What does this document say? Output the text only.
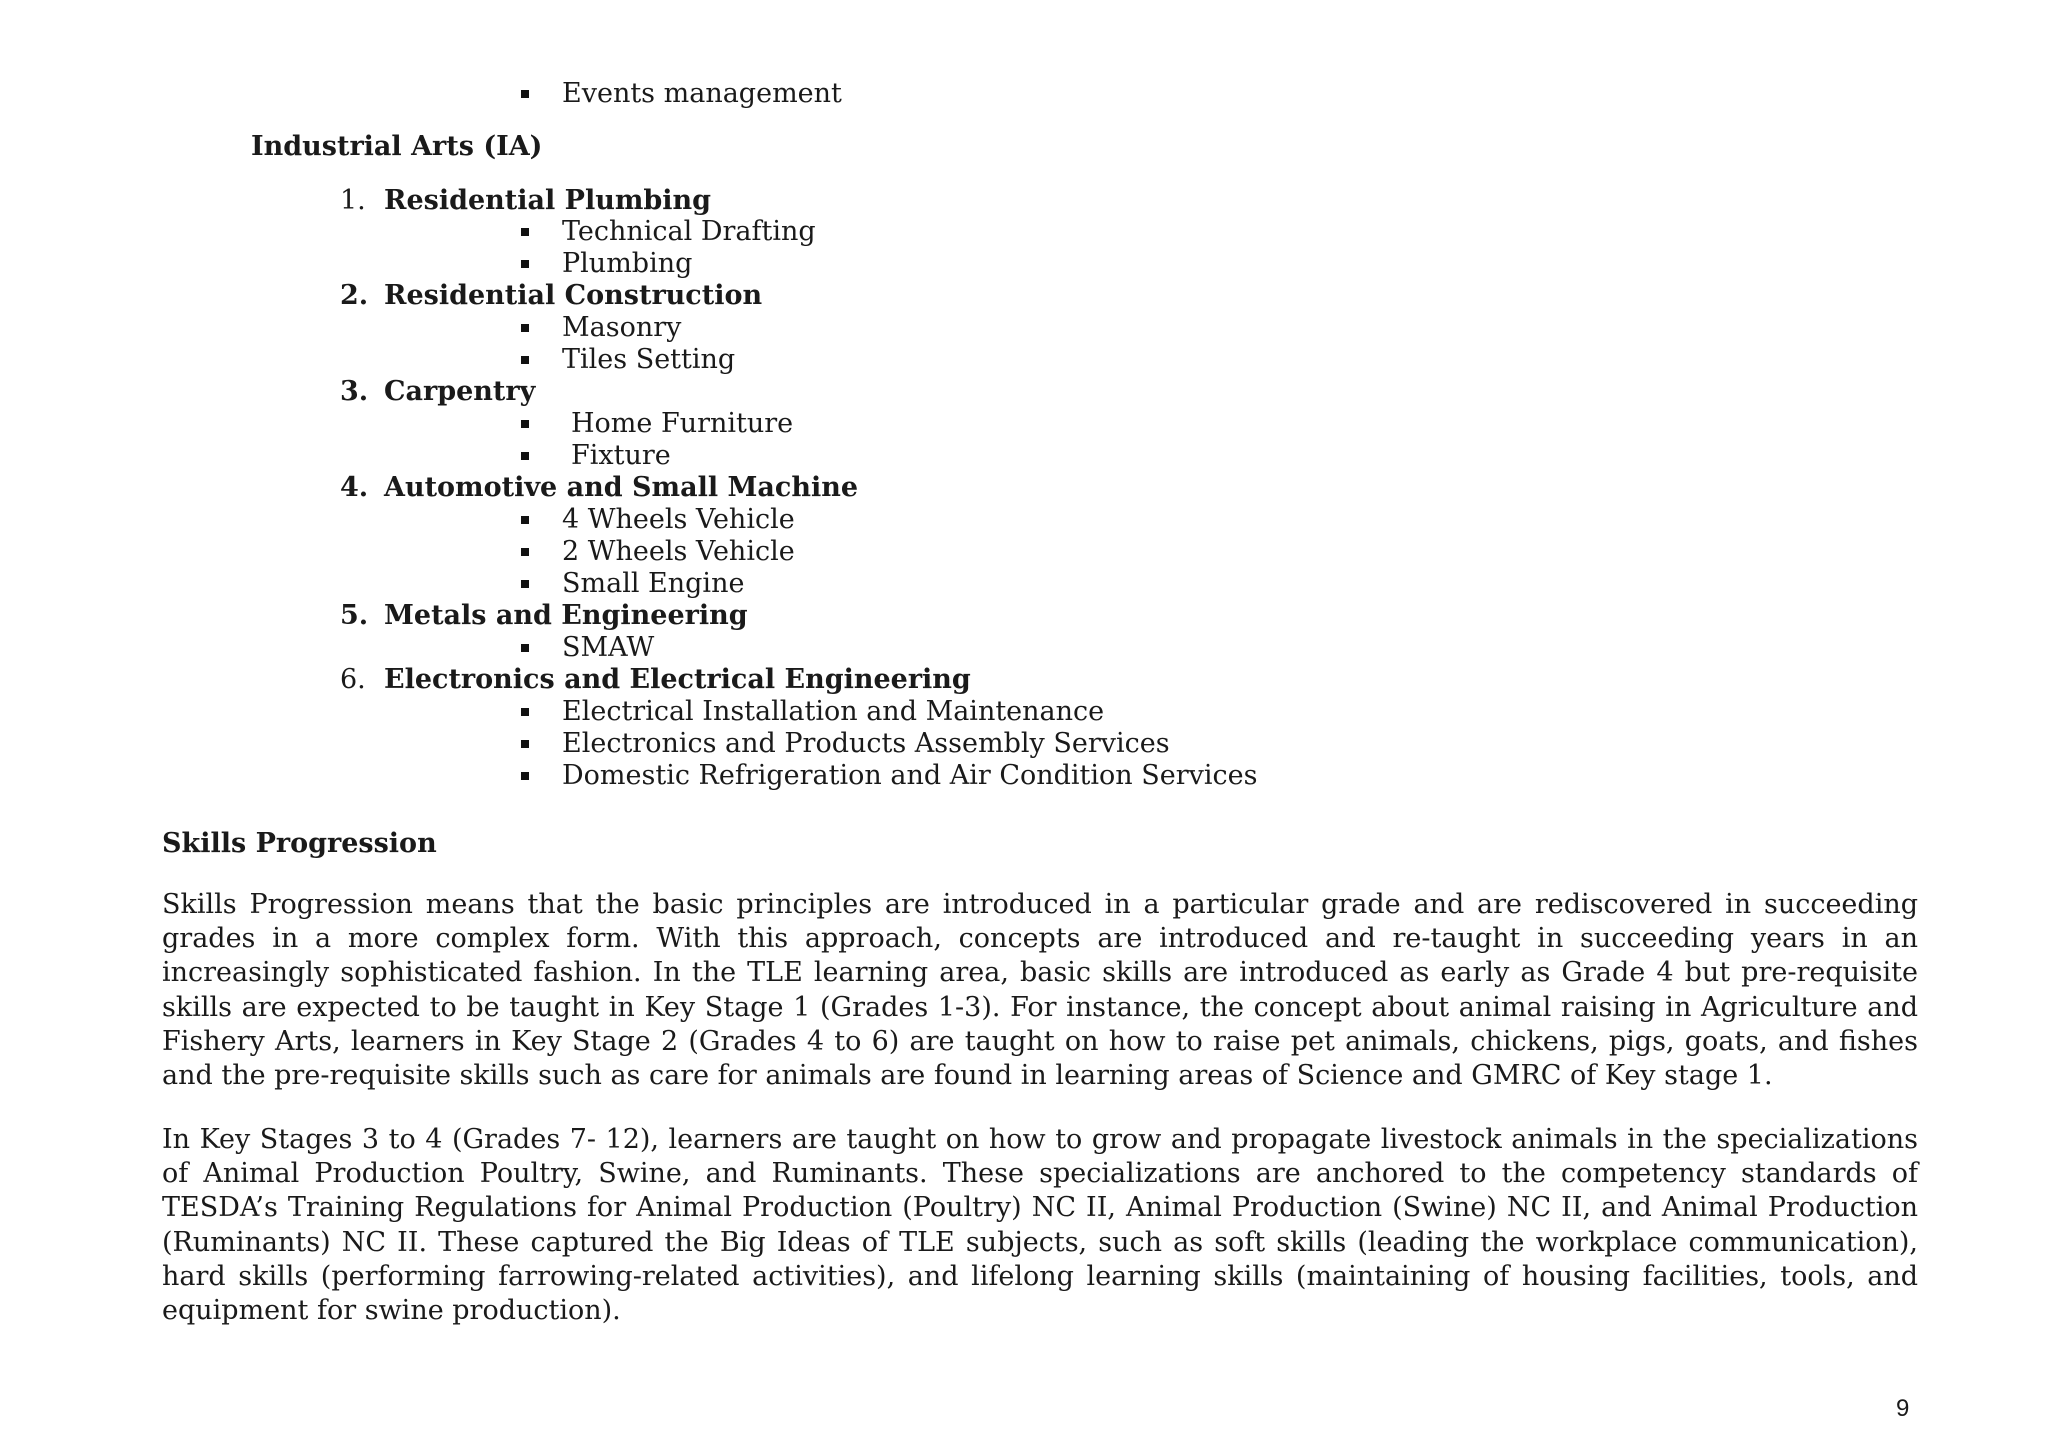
Events management
Industrial Arts (IA)
1. Residential Plumbing
Technical Drafting
Plumbing
2. Residential Construction
Masonry
Tiles Setting
3. Carpentry
Home Furniture
Fixture
4. Automotive and Small Machine
4 Wheels Vehicle
2 Wheels Vehicle
Small Engine
5. Metals and Engineering
SMAW
6. Electronics and Electrical Engineering
Electrical Installation and Maintenance
Electronics and Products Assembly Services
Domestic Refrigeration and Air Condition Services
Skills Progression

Skills Progression means that the basic principles are introduced in a particular grade and are rediscovered in succeeding grades in a more complex form. With this approach, concepts are introduced and re-taught in succeeding years in an increasingly sophisticated fashion. In the TLE learning area, basic skills are introduced as early as Grade 4 but pre-requisite skills are expected to be taught in Key Stage 1 (Grades 1-3). For instance, the concept about animal raising in Agriculture and Fishery Arts, learners in Key Stage 2 (Grades 4 to 6) are taught on how to raise pet animals, chickens, pigs, goats, and fishes and the pre-requisite skills such as care for animals are found in learning areas of Science and GMRC of Key stage 1.

In Key Stages 3 to 4 (Grades 7- 12), learners are taught on how to grow and propagate livestock animals in the specializations of Animal Production Poultry, Swine, and Ruminants. These specializations are anchored to the competency standards of TESDA’s Training Regulations for Animal Production (Poultry) NC II, Animal Production (Swine) NC II, and Animal Production (Ruminants) NC II. These captured the Big Ideas of TLE subjects, such as soft skills (leading the workplace communication), hard skills (performing farrowing-related activities), and lifelong learning skills (maintaining of housing facilities, tools, and equipment for swine production).

9
